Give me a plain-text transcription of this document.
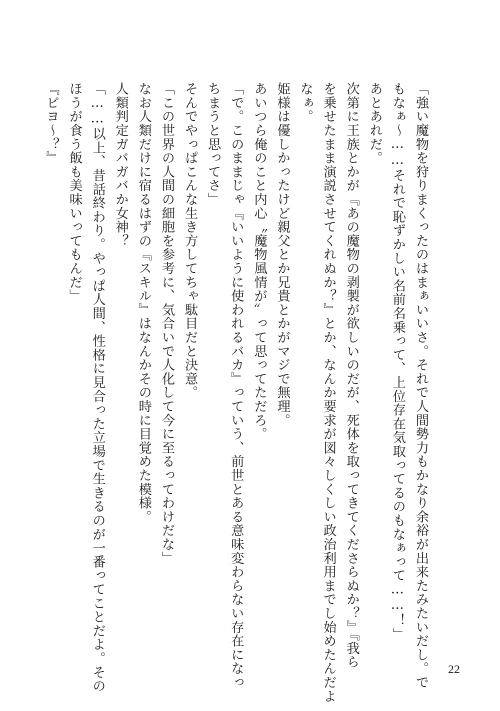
「強い魔物を狩りまくったのはまぁいいさ。それで人間勢力もかなり余裕が出来たみたいだし。で
もなぁ～……それで恥ずかしい名前名乗って、上位存在気取ってるのもなぁって……！」
あとあれだ。
次第に王族とかが『あの魔物の剥製が欲しいのだが、死体を取ってきてくださらぬか？』『我ら
を乗せたまま演説させてくれぬか？』とか、なんか要求が図々しくしい政治利用までし始めたんだよ
なぁ。
姫様は優しかったけど親父とか兄貴とかがマジで無理。
あいつら俺のこと内心〝魔物風情が〟って思ってただろ。
「で。このままじゃ『いいように使われるバカ』っていう、前世とある意味変わらない存在になっ
ちまうと思ってさ」
そんでやっぱこんな生き方してちゃ駄目だと決意。
「この世界の人間の細胞を参考に、気合いで人化して今に至るってわけだな」
なお人類だけに宿るはずの『スキル』はなんかその時に目覚めた模様。
人類判定ガバガバか女神？
「……以上、昔話終わり。やっぱ人間、性格に見合った立場で生きるのが一番ってことだよ。その
ほうが食う飯も美味いってもんだ」
『ピヨ～？』
22
